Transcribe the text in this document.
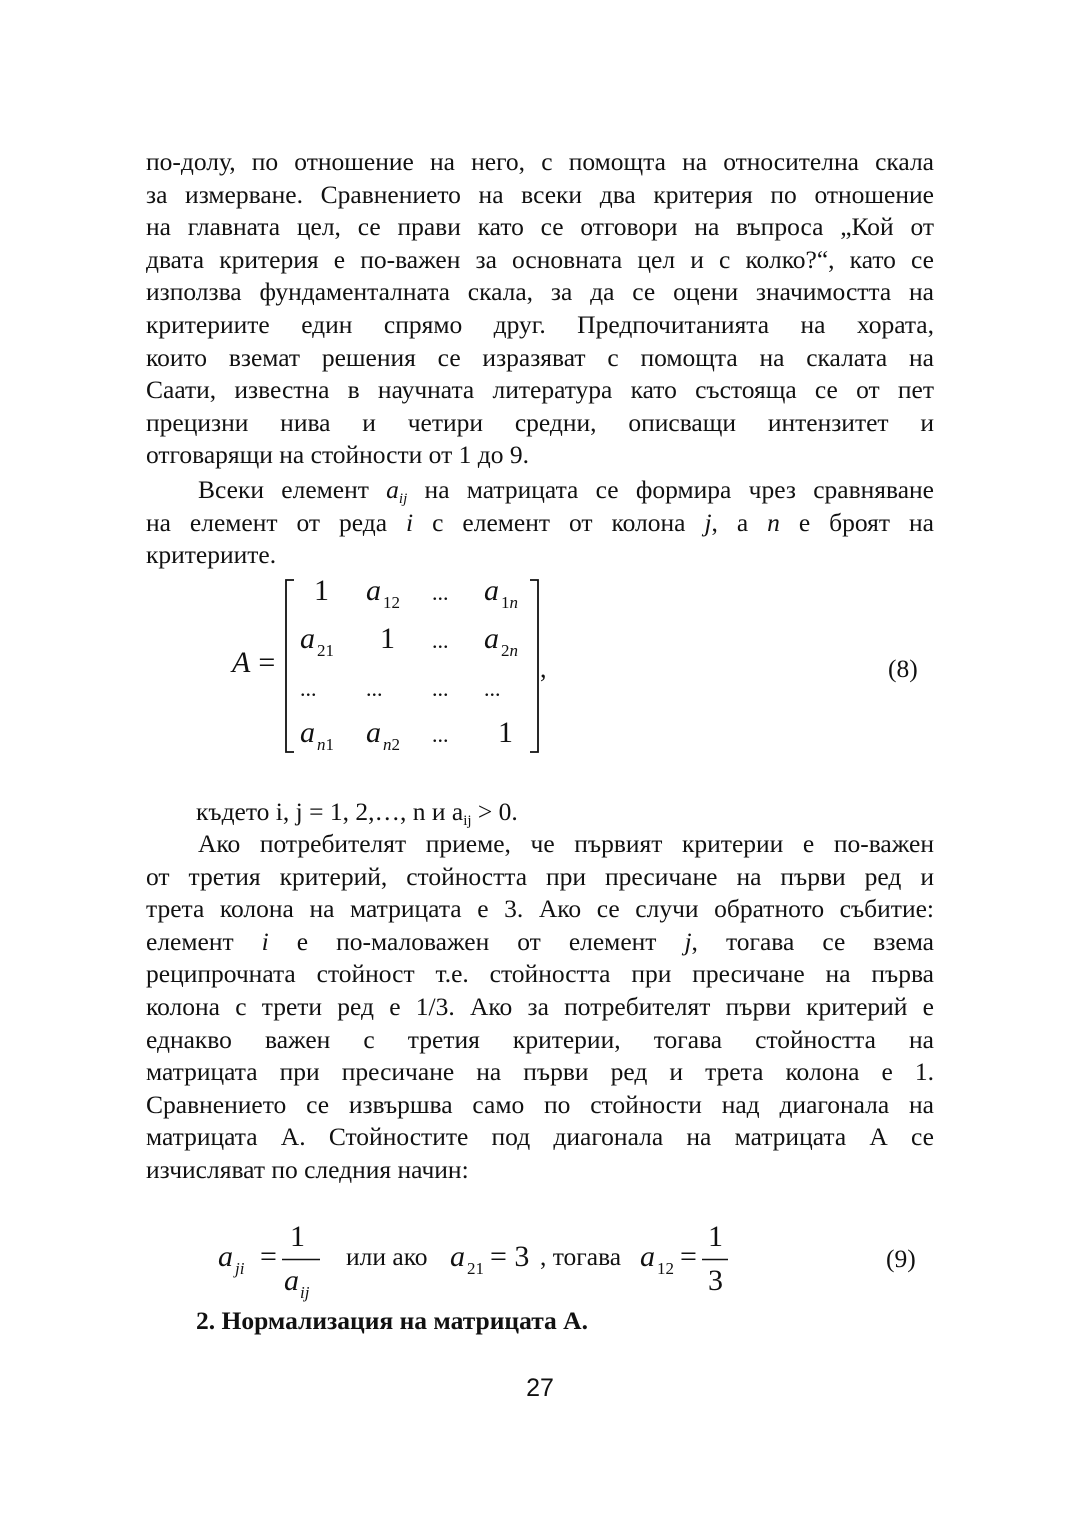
по-долу, по отношение на него, с помощта на относителна скала
за измерване. Сравнението на всеки два критерия по отношение
на главната цел, се прави като се отговори на въпроса „Кой от
двата критерия е по-важен за основната цел и с колко?“, като се
използва фундаменталната скала, за да се оцени значимостта на
критериите един спрямо друг. Предпочитанията на хората,
които вземат решения се изразяват с помощта на скалата на
Саати, известна в научната литература като състояща се от пет
прецизни нива и четири средни, описващи интензитет и
отговарящи на стойности от 1 до 9.
Всеки елемент aij на матрицата се формира чрез сравняване
на елемент от реда i с елемент от колона j, а n е броят на
критериите.
A =
1 a $_{12}$ ... a $_{1n}$
a $_{21}$ 1 ... a $_{2n}$
... ... ... ...
a $_{n1}$ a $_{n2}$ ... 1
,	(8)
където i, j = 1, 2,…, n и aij > 0.
Ако потребителят приеме, че първият критерии е по-важен
от третия критерий, стойността при пресичане на първи ред и
трета колона на матрицата е 3. Ако се случи обратното събитие:
елемент i е по-маловажен от елемент j, тогава се взема
реципрочната стойност т.е. стойността при пресичане на първа
колона с трети ред е 1/3. Ако за потребителят първи критерий е
еднакво важен с третия критерии, тогава стойността на
матрицата при пресичане на първи ред и трета колона е 1.
Сравнението се извършва само по стойности над диагонала на
матрицата А. Стойностите под диагонала на матрицата А се
изчисляват по следния начин:
a $_{ji}$ =
1
$a_{ij}$
или ако a $_{21}$ = 3 , тогава a $_{12}$ =
1
3
(9)
2. Нормализация на матрицата А.
27
